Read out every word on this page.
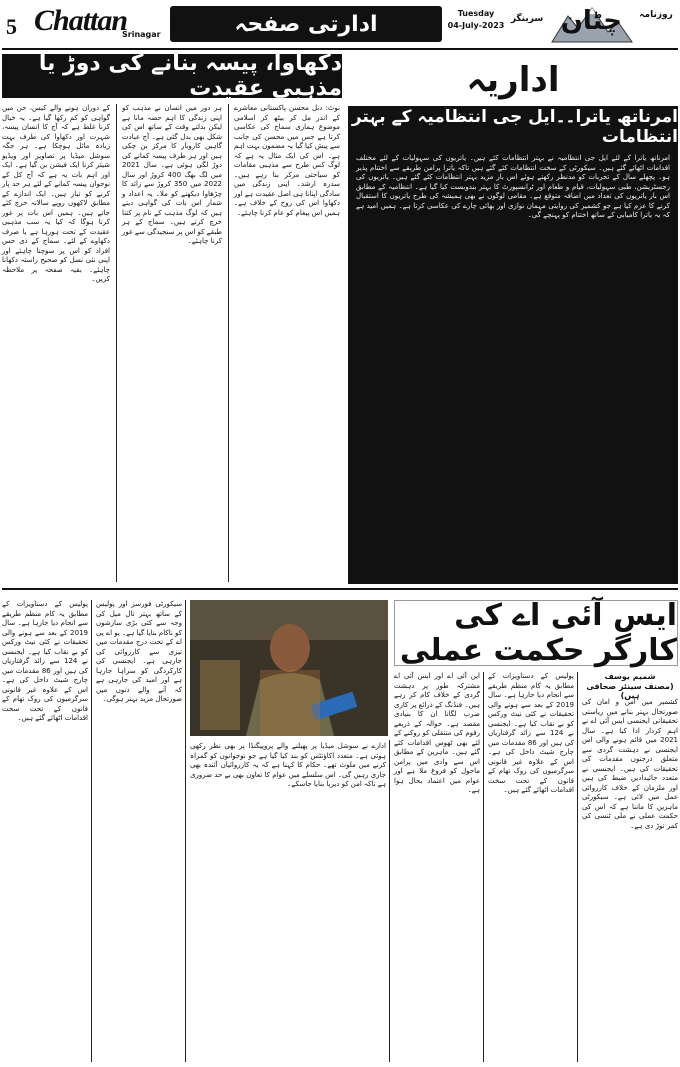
5 Chattan
Srinagar	ادارتی صفحہ	Tuesday
04-July-2023
سرینگر چٹان	روزنامہ
دکھاوا، پیسہ بنانے کی دوڑ یا مذہبی عقیدت

کے دوران ہونے والے کیس، جن میں گواہی کو کم رکھا گیا ہے۔ یہ خیال کرنا غلط ہے کہ آج کا انسان پیسہ، شہرت اور دکھاوا کی طرف بہت زیادہ مائل ہوچکا ہے۔ ہر جگہ سوشل میڈیا پر تصاویر اور ویڈیو شیئر کرنا ایک فیشن بن گیا ہے۔ ایک اور اہم بات یہ ہے کہ آج کل کے نوجوان پیسہ کمانے کے لئے ہر حد پار کرنے کو تیار ہیں۔ ایک اندازے کے مطابق لاکھوں روپے سالانہ خرچ کئے جاتے ہیں۔ ہمیں اس بات پر غور کرنا ہوگا کہ کیا یہ سب مذہبی عقیدت کے تحت ہورہا ہے یا صرف دکھاوے کے لئے۔ سماج کے ذی حس افراد کو اس پر سوچنا چاہئے اور اپنی نئی نسل کو صحیح راستہ دکھانا چاہئے۔ بقیہ صفحہ پر ملاحظہ کریں۔

ہر دور میں انسان نے مذہب کو اپنی زندگی کا اہم حصہ مانا ہے لیکن بدلتے وقت کے ساتھ اس کی شکل بھی بدل گئی ہے۔ آج عبادت گاہیں کاروبار کا مرکز بن چکی ہیں اور ہر طرف پیسہ کمانے کی دوڑ لگی ہوئی ہے۔ سال 2021 میں لگ بھگ 400 کروڑ اور سال 2022 میں 350 کروڑ سے زائد کا چڑھاوا دیکھنے کو ملا۔ یہ اعداد و شمار اس بات کی گواہی دیتے ہیں کہ لوگ مذہب کے نام پر کتنا خرچ کرتے ہیں۔ سماج کے ہر طبقے کو اس پر سنجیدگی سے غور کرنا چاہئے۔

نوٹ: دبل محسن پاکستانی معاشرے کے اندر مل کر بیٹھ کر اسلامی موضوع ہماری سماج کی عکاسی کرتا ہے جس میں محسن کی جانب سے پیش کیا گیا یہ مضمون بہت اہم ہے۔ اس کی ایک مثال یہ ہے کہ لوگ کس طرح سے مذہبی مقامات کو سیاحتی مرکز بنا رہے ہیں۔ سدرہ ارشد۔ اپنی زندگی میں سادگی اپنانا ہی اصل عقیدت ہے اور دکھاوا اس کی روح کے خلاف ہے۔ ہمیں اس پیغام کو عام کرنا چاہئے۔

اداریہ
امرناتھ یاترا۔۔ایل جی انتظامیہ کے بہتر انتظامات

امرناتھ یاترا کے لئے ایل جی انتظامیہ نے بہتر انتظامات کئے ہیں۔ یاتریوں کی سہولیات کے لئے مختلف اقدامات اٹھائے گئے ہیں۔ سیکورٹی کے سخت انتظامات کئے گئے ہیں تاکہ یاترا پرامن طریقے سے اختتام پذیر ہو۔ پچھلے سال کے تجربات کو مدنظر رکھتے ہوئے اس بار مزید بہتر انتظامات کئے گئے ہیں۔ یاتریوں کی رجسٹریشن، طبی سہولیات، قیام و طعام اور ٹرانسپورٹ کا بہتر بندوبست کیا گیا ہے۔ انتظامیہ کے مطابق اس بار یاتریوں کی تعداد میں اضافہ متوقع ہے۔ مقامی لوگوں نے بھی ہمیشہ کی طرح یاتریوں کا استقبال کرنے کا عزم کیا ہے جو کشمیر کی روایتی مہمان نوازی اور بھائی چارے کی عکاسی کرتا ہے۔ ہمیں امید ہے کہ یہ یاترا کامیابی کے ساتھ اختتام کو پہنچے گی۔

ایس آئی اے کی کارگر حکمت عملی
شمیم یوسف
(مصنف سینئر صحافی ہیں)

کشمیر میں امن و امان کی صورتحال بہتر بنانے میں ریاستی تحقیقاتی ایجنسی ایس آئی اے نے اہم کردار ادا کیا ہے۔ سال 2021 میں قائم ہونے والی اس ایجنسی نے دہشت گردی سے متعلق درجنوں مقدمات کی تحقیقات کی ہیں۔ ایجنسی نے متعدد جائیدادیں ضبط کی ہیں اور ملزمان کے خلاف کارروائی عمل میں لائی ہے۔ سیکورٹی ماہرین کا ماننا ہے کہ اس کی حکمت عملی نے ملی ٹنسی کی کمر توڑ دی ہے۔

پولیس کے دستاویزات کے مطابق یہ کام منظم طریقے سے انجام دیا جارہا ہے۔ سال 2019 کے بعد سے ہونے والی تحقیقات نے کئی نیٹ ورکس کو بے نقاب کیا ہے۔ ایجنسی نے 124 سے زائد گرفتاریاں کی ہیں اور 86 مقدمات میں چارج شیٹ داخل کی ہے۔ اس کے علاوہ غیر قانونی سرگرمیوں کی روک تھام کے قانون کے تحت سخت اقدامات اٹھائے گئے ہیں۔

این آئی اے اور ایس آئی اے مشترکہ طور پر دہشت گردی کے خلاف کام کر رہے ہیں۔ فنڈنگ کے ذرائع پر کاری ضرب لگانا ان کا بنیادی مقصد ہے۔ حوالہ کے ذریعے رقوم کی منتقلی کو روکنے کے لئے بھی ٹھوس اقدامات کئے گئے ہیں۔ ماہرین کے مطابق اس سے وادی میں پرامن ماحول کو فروغ ملا ہے اور عوام میں اعتماد بحال ہوا ہے۔

ادارے نے سوشل میڈیا پر پھیلنے والے پروپیگنڈا پر بھی نظر رکھی ہوئی ہے۔ متعدد اکاؤنٹس کو بند کیا گیا ہے جو نوجوانوں کو گمراہ کرنے میں ملوث تھے۔ حکام کا کہنا ہے کہ یہ کارروائیاں آئندہ بھی جاری رہیں گی۔ اس سلسلے میں عوام کا تعاون بھی بے حد ضروری ہے تاکہ امن کو دیرپا بنایا جاسکے۔

سیکورٹی فورسز اور پولیس کے ساتھ بہتر تال میل کی وجہ سے کئی بڑی سازشوں کو ناکام بنایا گیا ہے۔ یو اے پی اے کے تحت درج مقدمات میں تیزی سے کارروائی کی جارہی ہے۔ ایجنسی کی کارکردگی کو سراہا جارہا ہے اور امید کی جارہی ہے کہ آنے والے دنوں میں صورتحال مزید بہتر ہوگی۔

پولیس کے دستاویزات کے مطابق یہ کام منظم طریقے سے انجام دیا جارہا ہے۔ سال 2019 کے بعد سے ہونے والی تحقیقات نے کئی نیٹ ورکس کو بے نقاب کیا ہے۔ ایجنسی نے 124 سے زائد گرفتاریاں کی ہیں اور 86 مقدمات میں چارج شیٹ داخل کی ہے۔ اس کے علاوہ غیر قانونی سرگرمیوں کی روک تھام کے قانون کے تحت سخت اقدامات اٹھائے گئے ہیں۔
